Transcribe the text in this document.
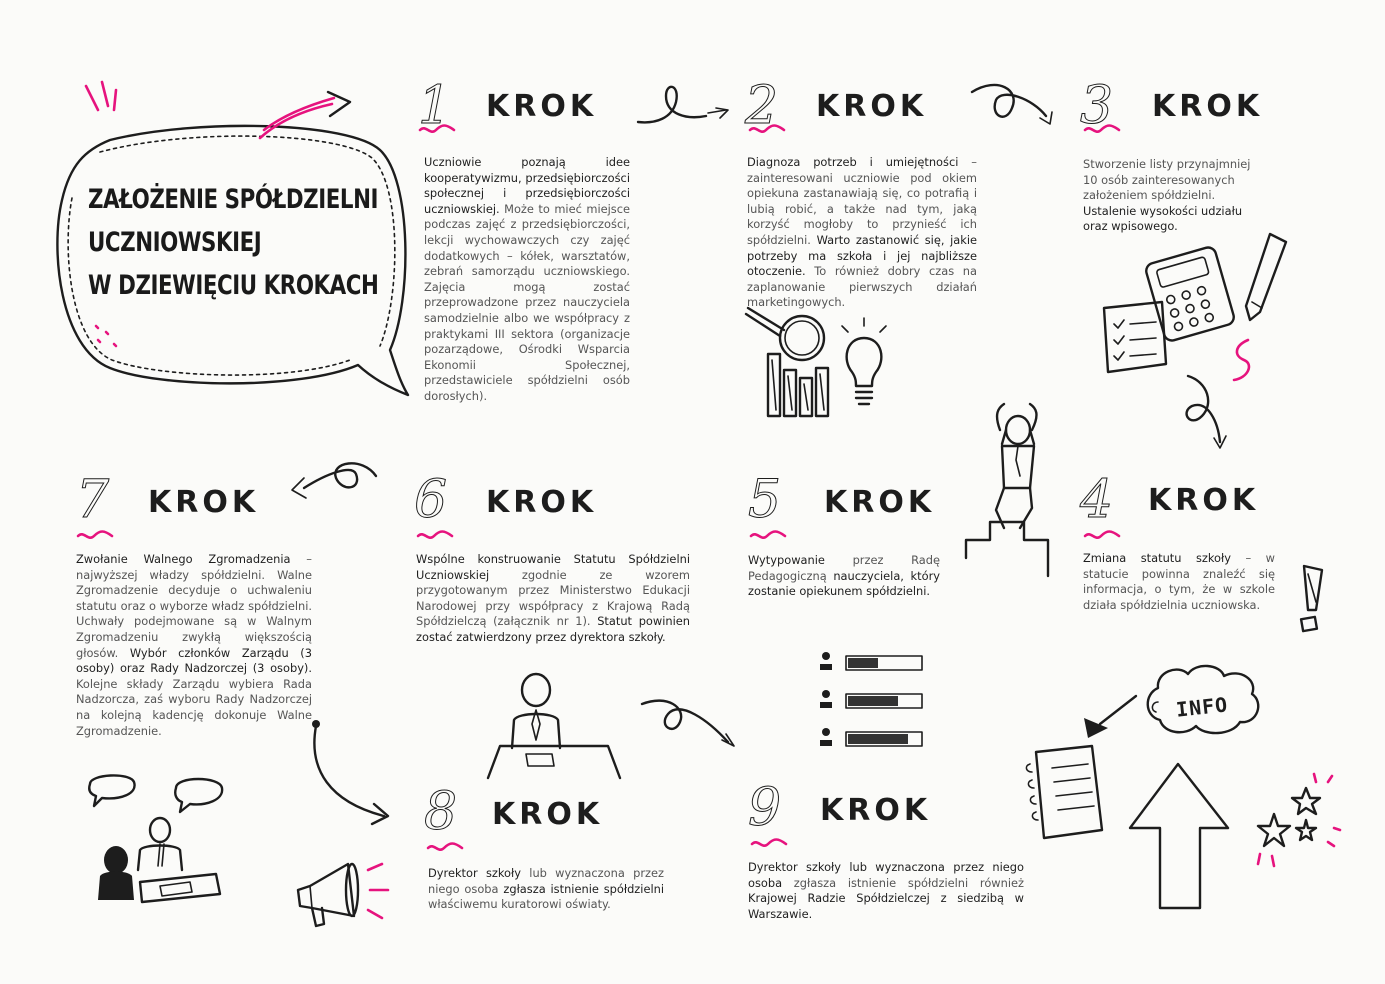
ZAŁOŻENIE SPÓŁDZIELNI
UCZNIOWSKIEJ
W DZIEWIĘCIU KROKACH
1 KROK
Uczniowie poznają idee kooperatywizmu, przedsiębiorczości społecznej i przedsiębiorczości uczniowskiej. Może to mieć miejsce podczas zajęć z przedsiębiorczości, lekcji wychowawczych czy zajęć dodatkowych – kółek, warsztatów, zebrań samorządu uczniowskiego. Zajęcia mogą zostać przeprowadzone przez nauczyciela samodzielnie albo we współpracy z praktykami III sektora (organizacje pozarządowe, Ośrodki Wsparcia Ekonomii Społecznej, przedstawiciele spółdzielni osób dorosłych).
2 KROK
Diagnoza potrzeb i umiejętności – zainteresowani uczniowie pod okiem opiekuna zastanawiają się, co potrafią i lubią robić, a także nad tym, jaką korzyść mogłoby to przynieść ich spółdzielni. Warto zastanowić się, jakie potrzeby ma szkoła i jej najbliższe otoczenie. To również dobry czas na zaplanowanie pierwszych działań marketingowych.
3 KROK
Stworzenie listy przynajmniej 10 osób zainteresowanych założeniem spółdzielni. Ustalenie wysokości udziału oraz wpisowego.
7 KROK
Zwołanie Walnego Zgromadzenia – najwyższej władzy spółdzielni. Walne Zgromadzenie decyduje o uchwaleniu statutu oraz o wyborze władz spółdzielni. Uchwały podejmowane są w Walnym Zgromadzeniu zwykłą większością głosów. Wybór członków Zarządu (3 osoby) oraz Rady Nadzorczej (3 osoby). Kolejne składy Zarządu wybiera Rada Nadzorcza, zaś wyboru Rady Nadzorczej na kolejną kadencję dokonuje Walne Zgromadzenie.
6 KROK
Wspólne konstruowanie Statutu Spółdzielni Uczniowskiej zgodnie ze wzorem przygotowanym przez Ministerstwo Edukacji Narodowej przy współpracy z Krajową Radą Spółdzielczą (załącznik nr 1). Statut powinien zostać zatwierdzony przez dyrektora szkoły.
5 KROK
Wytypowanie przez Radę Pedagogiczną nauczyciela, który zostanie opiekunem spółdzielni.
4 KROK
Zmiana statutu szkoły – w statucie powinna znaleźć się informacja, o tym, że w szkole działa spółdzielnia uczniowska.
8 KROK
Dyrektor szkoły lub wyznaczona przez niego osoba zgłasza istnienie spółdzielni właściwemu kuratorowi oświaty.
9 KROK
Dyrektor szkoły lub wyznaczona przez niego osoba zgłasza istnienie spółdzielni również Krajowej Radzie Spółdzielczej z siedzibą w Warszawie.
INFO
